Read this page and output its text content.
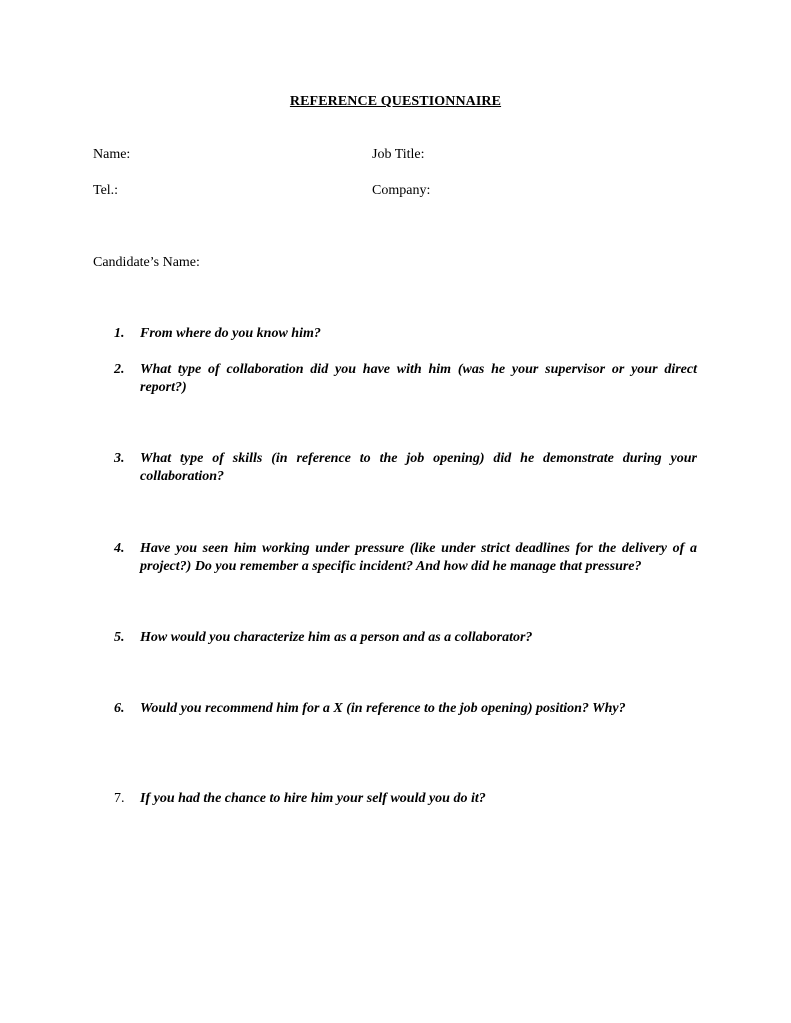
REFERENCE QUESTIONNAIRE
Name:	Job Title:
Tel.:	Company:
Candidate’s Name:
1.	From where do you know him?
2.	What type of collaboration did you have with him (was he your supervisor or your direct report?)
3.	What type of skills (in reference to the job opening) did he demonstrate during your collaboration?
4.	Have you seen him working under pressure (like under strict deadlines for the delivery of a project?) Do you remember a specific incident? And how did he manage that pressure?
5.	How would you characterize him as a person and as a collaborator?
6.	Would you recommend him for a X (in reference to the job opening) position? Why?
7.	If you had the chance to hire him your self would you do it?
